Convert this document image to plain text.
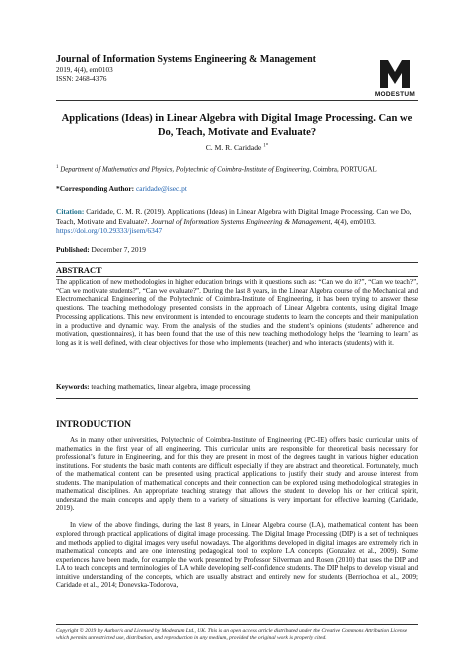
Journal of Information Systems Engineering & Management
2019, 4(4), em0103
ISSN: 2468-4376
MODESTUM
Applications (Ideas) in Linear Algebra with Digital Image Processing. Can we Do, Teach, Motivate and Evaluate?
C. M. R. Caridade $^{1*}$
$^1$ Department of Mathematics and Physics, Polytechnic of Coimbra-Institute of Engineering, Coimbra, PORTUGAL
*Corresponding Author: caridade@isec.pt
Citation: Caridade, C. M. R. (2019). Applications (Ideas) in Linear Algebra with Digital Image Processing. Can we Do, Teach, Motivate and Evaluate?. Journal of Information Systems Engineering & Management, 4(4), em0103. https://doi.org/10.29333/jisem/6347
Published: December 7, 2019
ABSTRACT
The application of new methodologies in higher education brings with it questions such as: “Can we do it?”, “Can we teach?”, “Can we motivate students?”, “Can we evaluate?”. During the last 8 years, in the Linear Algebra course of the Mechanical and Electromechanical Engineering of the Polytechnic of Coimbra-Institute of Engineering, it has been trying to answer these questions. The teaching methodology presented consists in the approach of Linear Algebra contents, using digital Image Processing applications. This new environment is intended to encourage students to learn the concepts and their manipulation in a productive and dynamic way. From the analysis of the studies and the student’s opinions (students’ adherence and motivation, questionnaires), it has been found that the use of this new teaching methodology helps the ‘learning to learn’ as long as it is well defined, with clear objectives for those who implements (teacher) and who interacts (students) with it.
Keywords: teaching mathematics, linear algebra, image processing
INTRODUCTION

As in many other universities, Polytechnic of Coimbra-Institute of Engineering (PC-IE) offers basic curricular units of mathematics in the first year of all engineering. This curricular units are responsible for theoretical basis necessary for professional’s future in Engineering, and for this they are present in most of the degrees taught in various higher education institutions. For students the basic math contents are difficult especially if they are abstract and theoretical. Fortunately, much of the mathematical content can be presented using practical applications to justify their study and arouse interest from students. The manipulation of mathematical concepts and their connection can be explored using methodological strategies in mathematical disciplines. An appropriate teaching strategy that allows the student to develop his or her critical spirit, understand the main concepts and apply them to a variety of situations is very important for effective learning (Caridade, 2019).

In view of the above findings, during the last 8 years, in Linear Algebra course (LA), mathematical content has been explored through practical applications of digital image processing. The Digital Image Processing (DIP) is a set of techniques and methods applied to digital images very useful nowadays. The algorithms developed in digital images are extremely rich in mathematical concepts and are one interesting pedagogical tool to explore LA concepts (Gonzalez et al., 2009). Some experiences have been made, for example the work presented by Professor Silverman and Rosen (2010) that uses the DIP and LA to teach concepts and terminologies of LA while developing self-confidence students. The DIP helps to develop visual and intuitive understanding of the concepts, which are usually abstract and entirely new for students (Berriochoa et al., 2009; Caridade et al., 2014; Donevska-Todorova,

Copyright © 2019 by Author/s and Licensed by Modestum Ltd., UK. This is an open access article distributed under the Creative Commons Attribution License which permits unrestricted use, distribution, and reproduction in any medium, provided the original work is properly cited.
